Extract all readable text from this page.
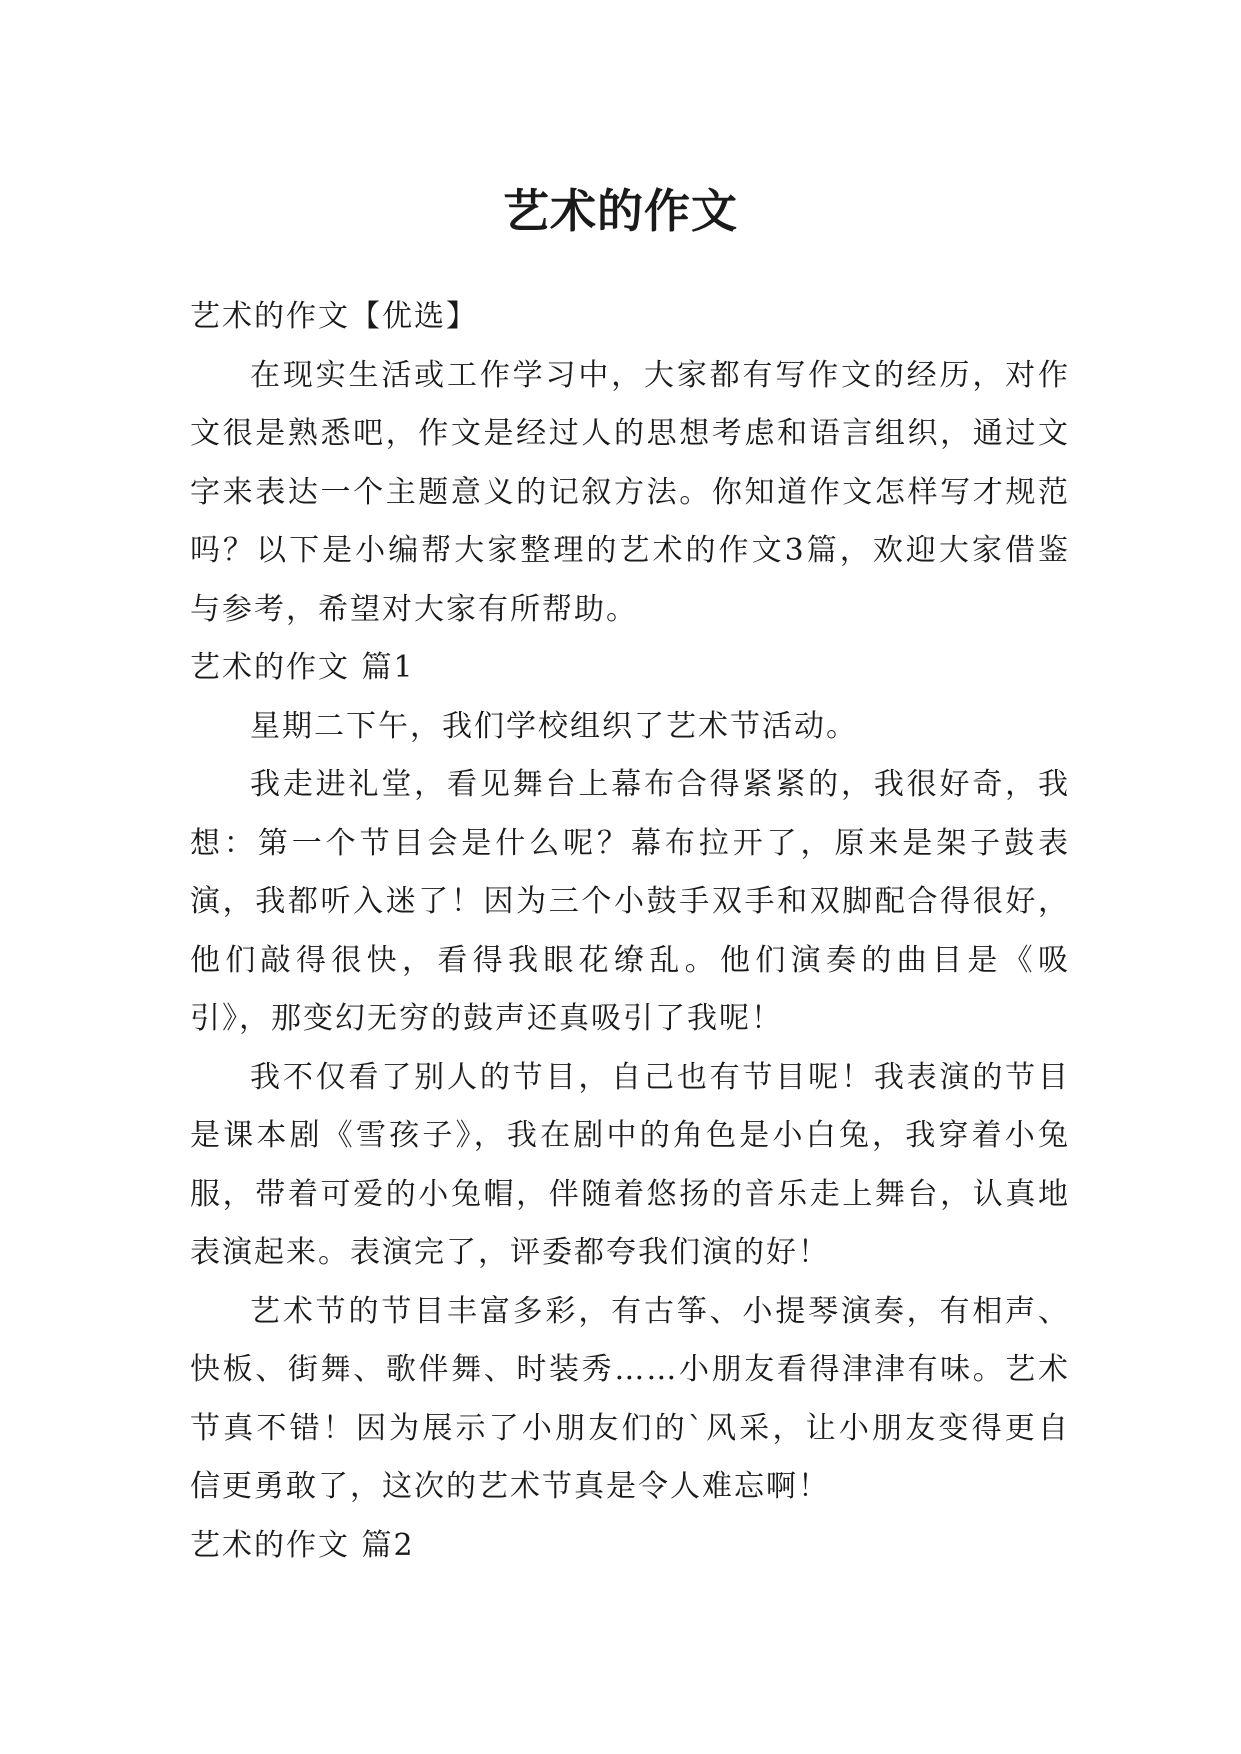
艺术的作文

艺术的作文【优选】

在现实生活或工作学习中，大家都有写作文的经历，对作文很是熟悉吧，作文是经过人的思想考虑和语言组织，通过文字来表达一个主题意义的记叙方法。你知道作文怎样写才规范吗？以下是小编帮大家整理的艺术的作文3篇，欢迎大家借鉴与参考，希望对大家有所帮助。

艺术的作文 篇1

星期二下午，我们学校组织了艺术节活动。

我走进礼堂，看见舞台上幕布合得紧紧的，我很好奇，我想：第一个节目会是什么呢？幕布拉开了，原来是架子鼓表演，我都听入迷了！因为三个小鼓手双手和双脚配合得很好，他们敲得很快，看得我眼花缭乱。他们演奏的曲目是《吸引》，那变幻无穷的鼓声还真吸引了我呢！

我不仅看了别人的节目，自己也有节目呢！我表演的节目是课本剧《雪孩子》，我在剧中的角色是小白兔，我穿着小兔服，带着可爱的小兔帽，伴随着悠扬的音乐走上舞台，认真地表演起来。表演完了，评委都夸我们演的好！

艺术节的节目丰富多彩，有古筝、小提琴演奏，有相声、快板、街舞、歌伴舞、时装秀……小朋友看得津津有味。艺术节真不错！因为展示了小朋友们的`风采，让小朋友变得更自信更勇敢了，这次的艺术节真是令人难忘啊！

艺术的作文 篇2
